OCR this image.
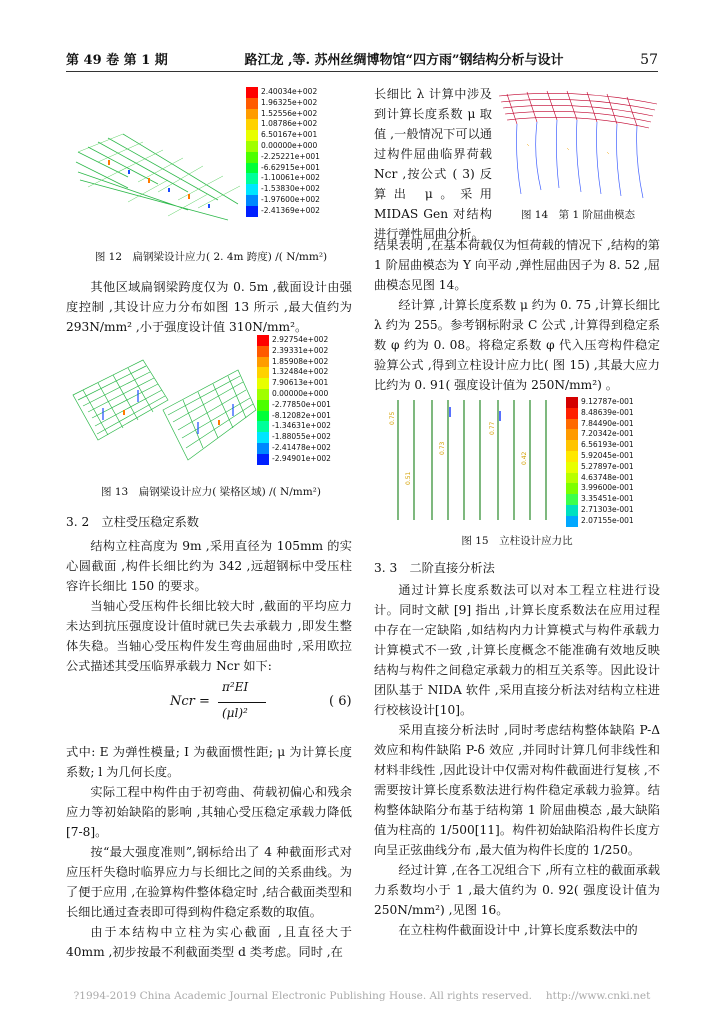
第 49 卷 第 1 期	路江龙 ,等. 苏州丝绸博物馆“四方雨”钢结构分析与设计	57
2.40034e+002
1.96325e+002
1.52556e+002
1.08786e+002
6.50167e+001
0.00000e+000
-2.25221e+001
-6.62915e+001
-1.10061e+002
-1.53830e+002
-1.97600e+002
-2.41369e+002
图 12　扁钢梁设计应力( 2. 4m 跨度) /( N/mm²)

其他区域扁钢梁跨度仅为 0. 5m ,截面设计由强度控制 ,其设计应力分布如图 13 所示 ,最大值约为 293N/mm² ,小于强度设计值 310N/mm²。

2.92754e+002
2.39331e+002
1.85908e+002
1.32484e+002
7.90613e+001
0.00000e+000
-2.77850e+001
-8.12082e+001
-1.34631e+002
-1.88055e+002
-2.41478e+002
-2.94901e+002
图 13　扁钢梁设计应力( 梁格区域) /( N/mm²)

3. 2　立柱受压稳定系数

结构立柱高度为 9m ,采用直径为 105mm 的实心圆截面 ,构件长细比约为 342 ,远超钢标中受压柱容许长细比 150 的要求。

当轴心受压构件长细比较大时 ,截面的平均应力未达到抗压强度设计值时就已失去承载力 ,即发生整体失稳。当轴心受压构件发生弯曲屈曲时 ,采用欧拉公式描述其受压临界承载力 Ncr 如下:

Ncr =
π²EI
(μl)²
( 6)

式中: E 为弹性模量; I 为截面惯性距; μ 为计算长度系数; l 为几何长度。

实际工程中构件由于初弯曲、荷载初偏心和残余应力等初始缺陷的影响 ,其轴心受压稳定承载力降低[7-8]。

按“最大强度准则”,钢标给出了 4 种截面形式对应压杆失稳时临界应力与长细比之间的关系曲线。为了便于应用 ,在验算构件整体稳定时 ,结合截面类型和长细比通过查表即可得到构件稳定系数的取值。

由于本结构中立柱为实心截面 ,且直径大于 40mm ,初步按最不利截面类型 d 类考虑。同时 ,在

长细比 λ 计算中涉及到计算长度系数 μ 取值 ,一般情况下可以通过构件屈曲临界荷载 Ncr ,按公式 ( 3) 反算出 μ。采用 MIDAS Gen 对结构进行弹性屈曲分析。

图 14　第 1 阶屈曲模态

结果表明 ,在基本荷载仅为恒荷载的情况下 ,结构的第 1 阶屈曲模态为 Y 向平动 ,弹性屈曲因子为 8. 52 ,屈曲模态见图 14。

经计算 ,计算长度系数 μ 约为 0. 75 ,计算长细比 λ 约为 255。参考钢标附录 C 公式 ,计算得到稳定系数 φ 约为 0. 08。将稳定系数 φ 代入压弯构件稳定验算公式 ,得到立柱设计应力比( 图 15) ,其最大应力比约为 0. 91( 强度设计值为 250N/mm²) 。

0.75
0.51
0.73
0.77
0.42
9.12787e-001
8.48639e-001
7.84490e-001
7.20342e-001
6.56193e-001
5.92045e-001
5.27897e-001
4.63748e-001
3.99600e-001
3.35451e-001
2.71303e-001
2.07155e-001
图 15　立柱设计应力比

3. 3　二阶直接分析法

通过计算长度系数法可以对本工程立柱进行设计。同时文献 [9] 指出 ,计算长度系数法在应用过程中存在一定缺陷 ,如结构内力计算模式与构件承载力计算模式不一致 ,计算长度概念不能准确有效地反映结构与构件之间稳定承载力的相互关系等。因此设计团队基于 NIDA 软件 ,采用直接分析法对结构立柱进行校核设计[10]。

采用直接分析法时 ,同时考虑结构整体缺陷 P-Δ 效应和构件缺陷 P-δ 效应 ,并同时计算几何非线性和材料非线性 ,因此设计中仅需对构件截面进行复核 ,不需要按计算长度系数法进行构件稳定承载力验算。结构整体缺陷分布基于结构第 1 阶屈曲模态 ,最大缺陷值为柱高的 1/500[11]。构件初始缺陷沿构件长度方向呈正弦曲线分布 ,最大值为构件长度的 1/250。

经过计算 ,在各工况组合下 ,所有立柱的截面承载力系数均小于 1 ,最大值约为 0. 92( 强度设计值为 250N/mm²) ,见图 16。

在立柱构件截面设计中 ,计算长度系数法中的

?1994-2019 China Academic Journal Electronic Publishing House. All rights reserved.　 http://www.cnki.net
